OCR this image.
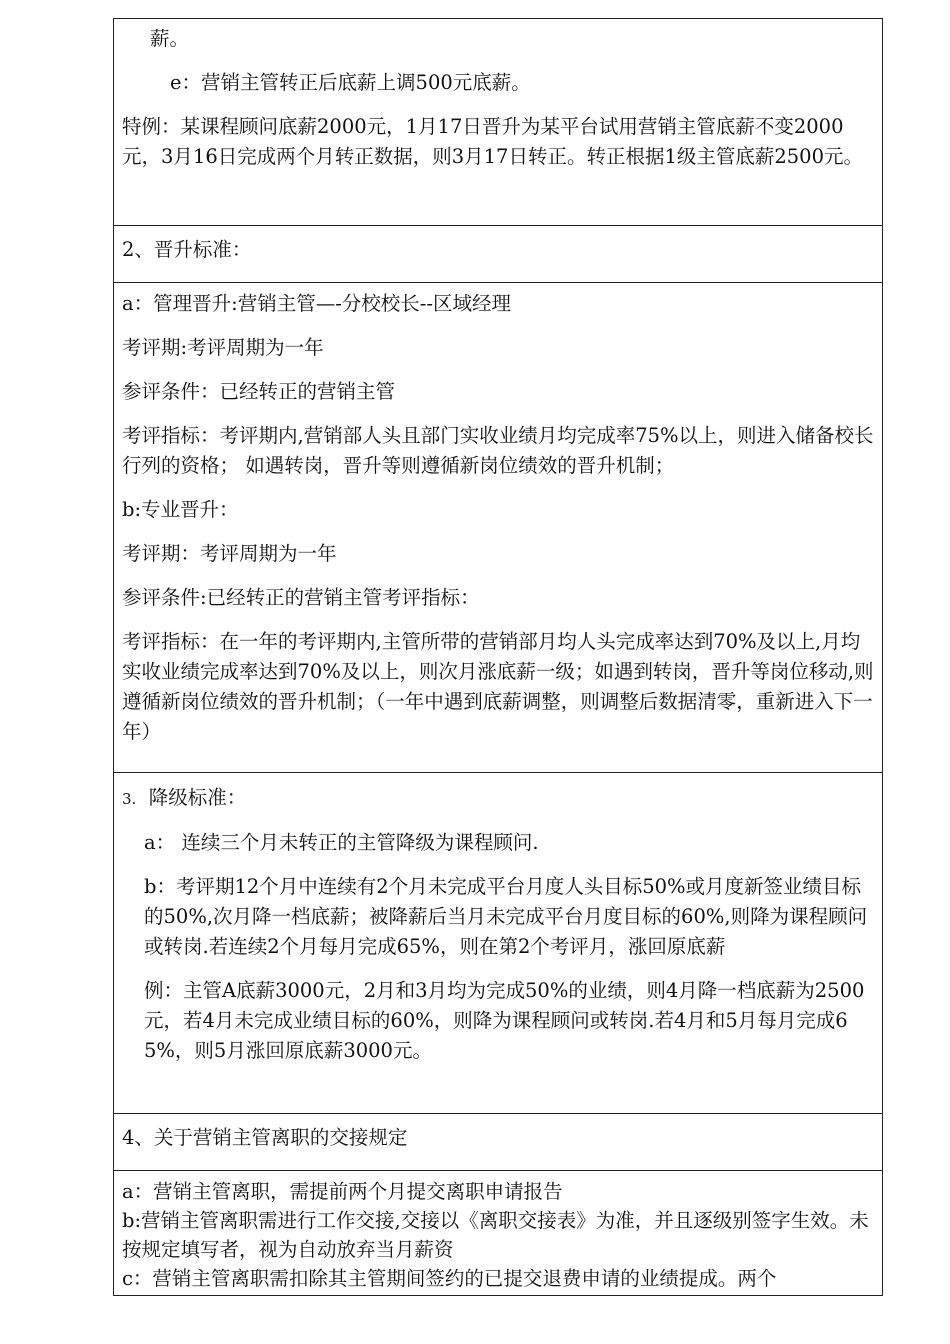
薪。

e：营销主管转正后底薪上调500元底薪。

特例：某课程顾问底薪2000元，1月17日晋升为某平台试用营销主管底薪不变2000元，3月16日完成两个月转正数据，则3月17日转正。转正根据1级主管底薪2500元。

2、晋升标准：

a：管理晋升:营销主管—-分校校长--区域经理

考评期:考评周期为一年

参评条件：已经转正的营销主管

考评指标：考评期内,营销部人头且部门实收业绩月均完成率75%以上，则进入储备校长行列的资格； 如遇转岗，晋升等则遵循新岗位绩效的晋升机制；

b:专业晋升：

考评期：考评周期为一年

参评条件:已经转正的营销主管考评指标：

考评指标：在一年的考评期内,主管所带的营销部月均人头完成率达到70%及以上,月均实收业绩完成率达到70%及以上，则次月涨底薪一级；如遇到转岗，晋升等岗位移动,则遵循新岗位绩效的晋升机制；（一年中遇到底薪调整，则调整后数据清零，重新进入下一年）

3. 降级标准：

a： 连续三个月未转正的主管降级为课程顾问.

b：考评期12个月中连续有2个月未完成平台月度人头目标50%或月度新签业绩目标的50%,次月降一档底薪；被降薪后当月未完成平台月度目标的60%,则降为课程顾问或转岗.若连续2个月每月完成65%，则在第2个考评月，涨回原底薪

例：主管A底薪3000元，2月和3月均为完成50%的业绩，则4月降一档底薪为2500元，若4月未完成业绩目标的60%，则降为课程顾问或转岗.若4月和5月每月完成65%，则5月涨回原底薪3000元。

4、关于营销主管离职的交接规定

a：营销主管离职，需提前两个月提交离职申请报告

b:营销主管离职需进行工作交接,交接以《离职交接表》为准，并且逐级别签字生效。未按规定填写者，视为自动放弃当月薪资

c：营销主管离职需扣除其主管期间签约的已提交退费申请的业绩提成。两个
